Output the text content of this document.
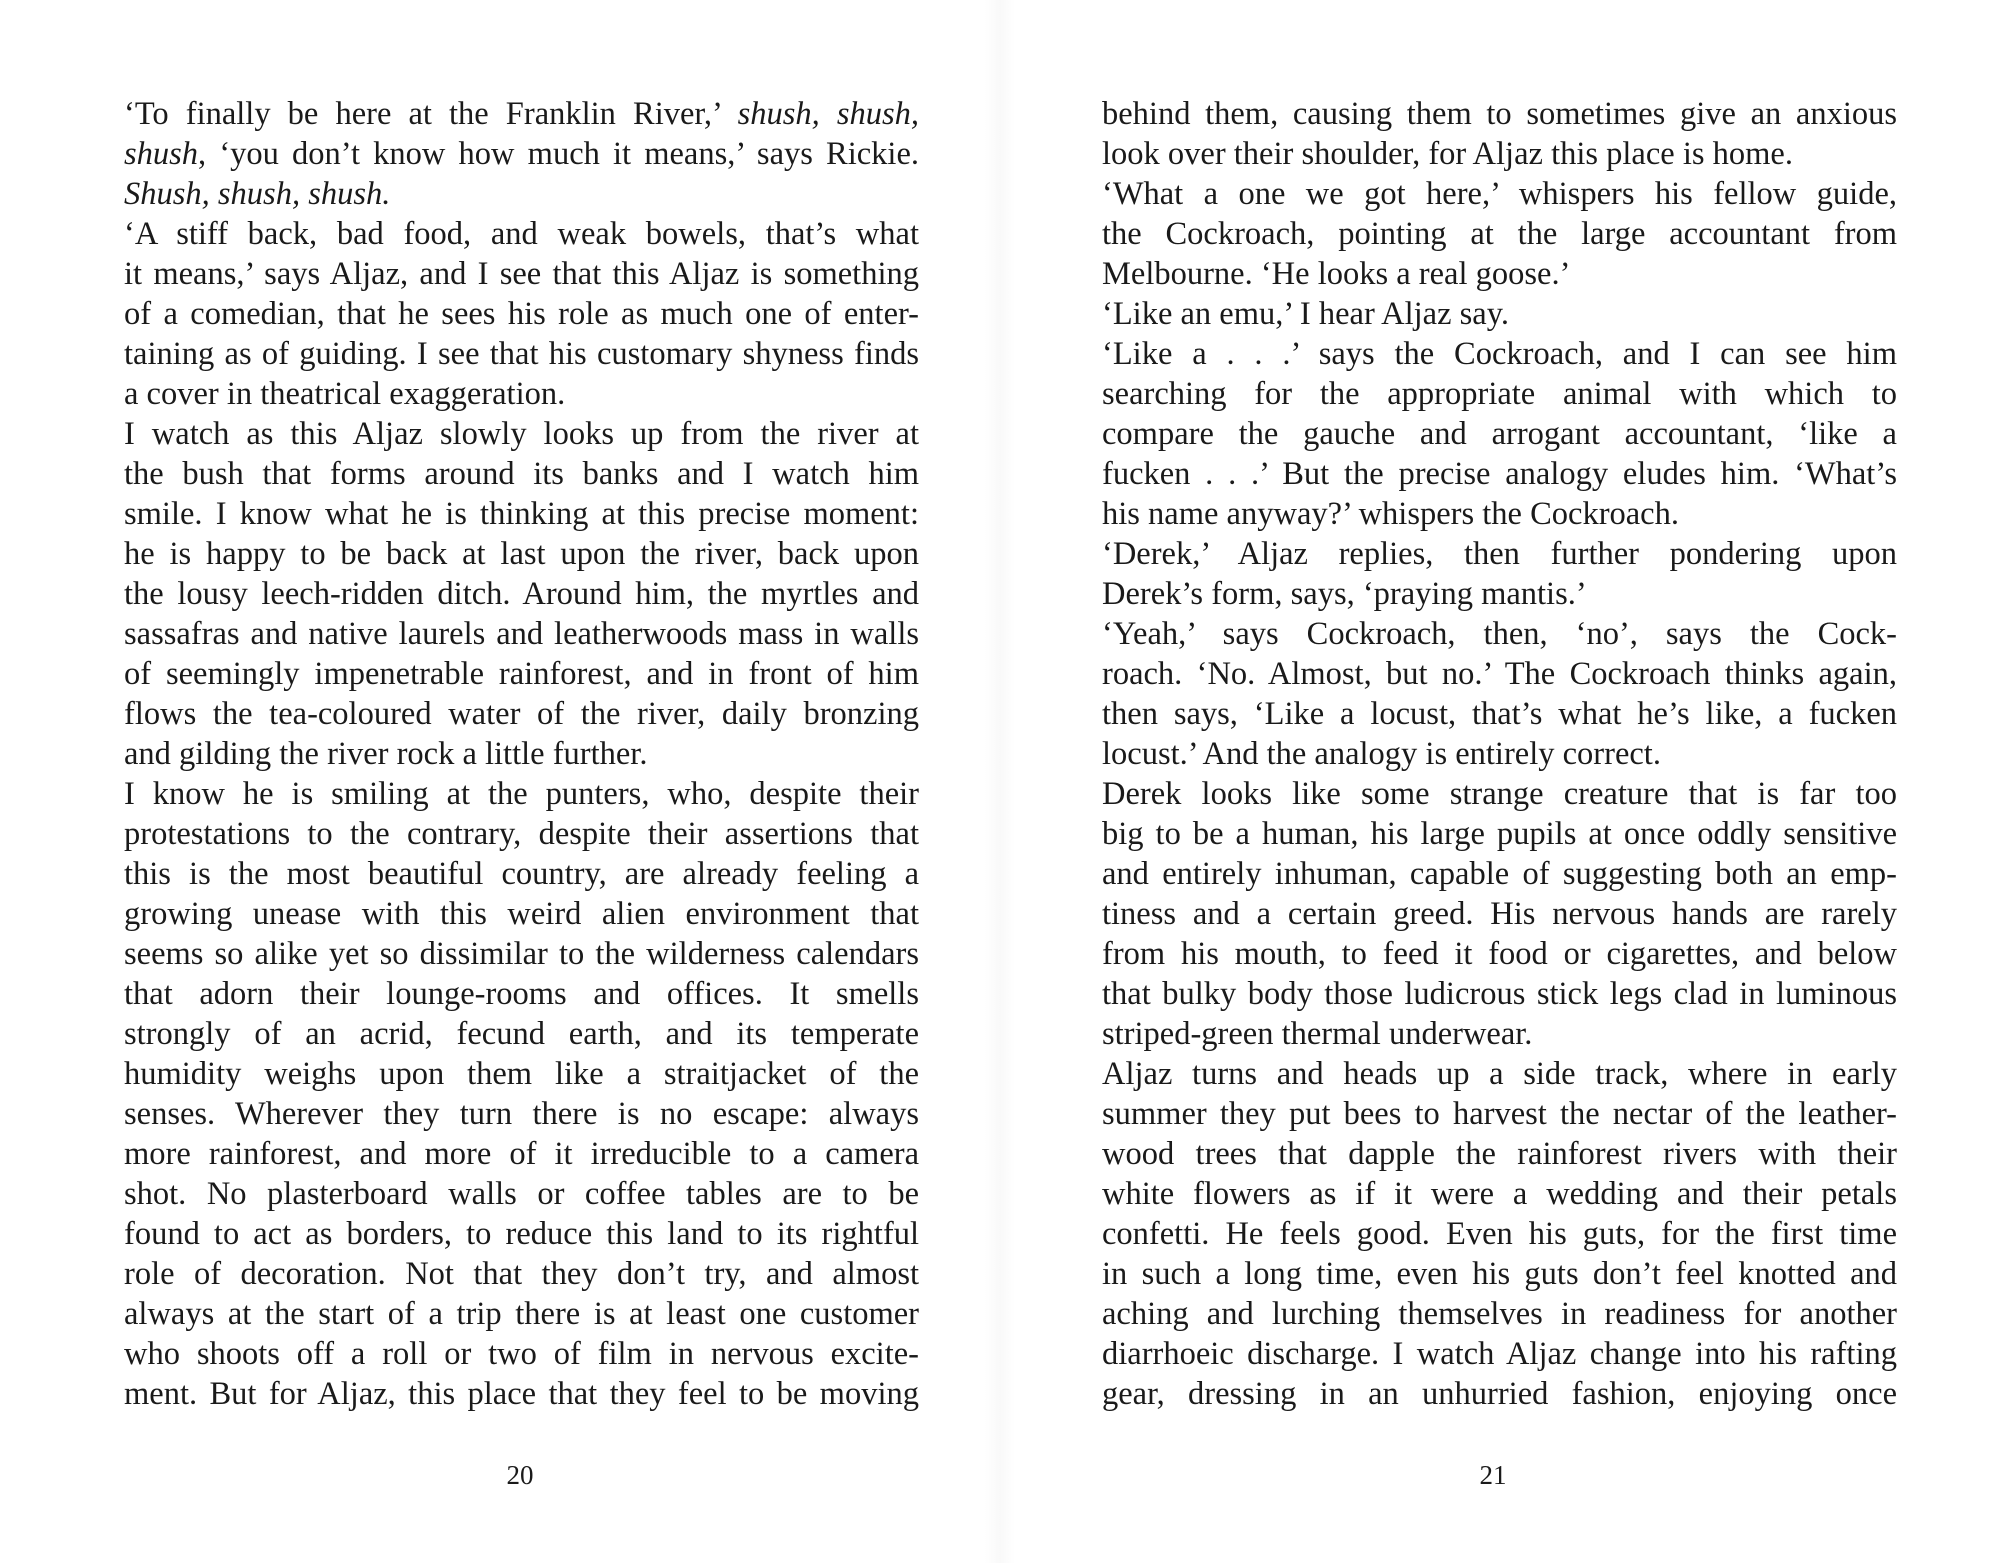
‘To finally be here at the Franklin River,’ shush, shush,
shush, ‘you don’t know how much it means,’ says Rickie.
Shush, shush, shush.
‘A stiff back, bad food, and weak bowels, that’s what
it means,’ says Aljaz, and I see that this Aljaz is something
of a comedian, that he sees his role as much one of enter-
taining as of guiding. I see that his customary shyness finds
a cover in theatrical exaggeration.
I watch as this Aljaz slowly looks up from the river at
the bush that forms around its banks and I watch him
smile. I know what he is thinking at this precise moment:
he is happy to be back at last upon the river, back upon
the lousy leech-ridden ditch. Around him, the myrtles and
sassafras and native laurels and leatherwoods mass in walls
of seemingly impenetrable rainforest, and in front of him
flows the tea-coloured water of the river, daily bronzing
and gilding the river rock a little further.
I know he is smiling at the punters, who, despite their
protestations to the contrary, despite their assertions that
this is the most beautiful country, are already feeling a
growing unease with this weird alien environment that
seems so alike yet so dissimilar to the wilderness calendars
that adorn their lounge-rooms and offices. It smells
strongly of an acrid, fecund earth, and its temperate
humidity weighs upon them like a straitjacket of the
senses. Wherever they turn there is no escape: always
more rainforest, and more of it irreducible to a camera
shot. No plasterboard walls or coffee tables are to be
found to act as borders, to reduce this land to its rightful
role of decoration. Not that they don’t try, and almost
always at the start of a trip there is at least one customer
who shoots off a roll or two of film in nervous excite-
ment. But for Aljaz, this place that they feel to be moving
20
behind them, causing them to sometimes give an anxious
look over their shoulder, for Aljaz this place is home.
‘What a one we got here,’ whispers his fellow guide,
the Cockroach, pointing at the large accountant from
Melbourne. ‘He looks a real goose.’
‘Like an emu,’ I hear Aljaz say.
‘Like a . . .’ says the Cockroach, and I can see him
searching for the appropriate animal with which to
compare the gauche and arrogant accountant, ‘like a
fucken . . .’ But the precise analogy eludes him. ‘What’s
his name anyway?’ whispers the Cockroach.
‘Derek,’ Aljaz replies, then further pondering upon
Derek’s form, says, ‘praying mantis.’
‘Yeah,’ says Cockroach, then, ‘no’, says the Cock-
roach. ‘No. Almost, but no.’ The Cockroach thinks again,
then says, ‘Like a locust, that’s what he’s like, a fucken
locust.’ And the analogy is entirely correct.
Derek looks like some strange creature that is far too
big to be a human, his large pupils at once oddly sensitive
and entirely inhuman, capable of suggesting both an emp-
tiness and a certain greed. His nervous hands are rarely
from his mouth, to feed it food or cigarettes, and below
that bulky body those ludicrous stick legs clad in luminous
striped-green thermal underwear.
Aljaz turns and heads up a side track, where in early
summer they put bees to harvest the nectar of the leather-
wood trees that dapple the rainforest rivers with their
white flowers as if it were a wedding and their petals
confetti. He feels good. Even his guts, for the first time
in such a long time, even his guts don’t feel knotted and
aching and lurching themselves in readiness for another
diarrhoeic discharge. I watch Aljaz change into his rafting
gear, dressing in an unhurried fashion, enjoying once
21
